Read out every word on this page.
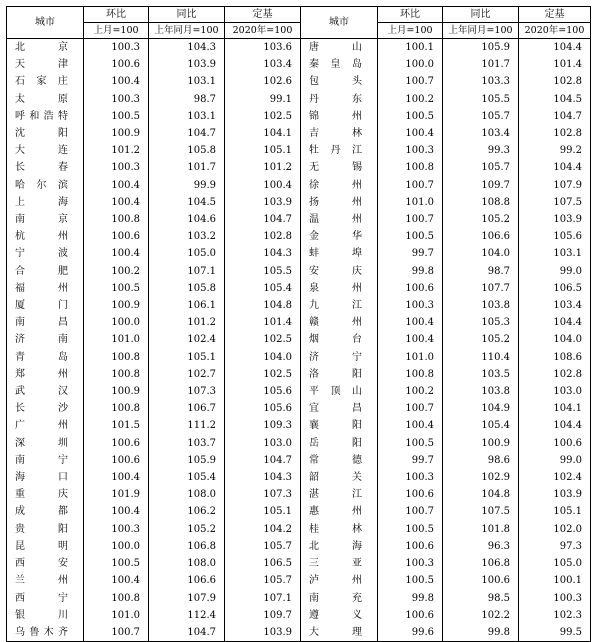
城市	环比	同比	定基	城市	环比	同比	定基
	上月=100	上年同月=100	2020年=100		上月=100	上年同月=100	2020年=100
北京	100.3	104.3	103.6	唐山	100.1	105.9	104.4
天津	100.6	103.9	103.4	秦皇岛	100.0	101.7	101.4
石家庄	100.4	103.1	102.6	包头	100.7	103.3	102.8
太原	100.3	98.7	99.1	丹东	100.2	105.5	104.5
呼和浩特	100.5	103.1	102.5	锦州	100.5	105.7	104.7
沈阳	100.9	104.7	104.1	吉林	100.4	103.4	102.8
大连	101.2	105.8	105.1	牡丹江	100.3	99.3	99.2
长春	100.3	101.7	101.2	无锡	100.8	105.7	104.4
哈尔滨	100.4	99.9	100.4	徐州	100.7	109.7	107.9
上海	100.4	104.5	103.9	扬州	101.0	108.8	107.5
南京	100.8	104.6	104.7	温州	100.7	105.2	103.9
杭州	100.6	103.2	102.8	金华	100.5	106.6	105.6
宁波	100.4	105.0	104.3	蚌埠	99.7	104.0	103.1
合肥	100.2	107.1	105.5	安庆	99.8	98.7	99.0
福州	100.5	105.8	105.4	泉州	100.6	107.7	106.5
厦门	100.9	106.1	104.8	九江	100.3	103.8	103.4
南昌	100.0	101.2	101.4	赣州	100.4	105.3	104.4
济南	101.0	102.4	102.5	烟台	100.4	105.2	104.0
青岛	100.8	105.1	104.0	济宁	101.0	110.4	108.6
郑州	100.8	102.7	102.5	洛阳	100.8	103.5	102.8
武汉	100.9	107.3	105.6	平顶山	100.2	103.8	103.0
长沙	100.8	106.7	105.6	宜昌	100.7	104.9	104.1
广州	101.5	111.2	109.3	襄阳	100.4	105.4	104.4
深圳	100.6	103.7	103.0	岳阳	100.5	100.9	100.6
南宁	100.6	105.9	104.7	常德	99.7	98.6	99.0
海口	100.4	105.4	104.3	韶关	100.3	102.9	102.4
重庆	101.9	108.0	107.3	湛江	100.6	104.8	103.9
成都	100.4	106.2	105.1	惠州	100.7	107.5	105.1
贵阳	100.3	105.2	104.2	桂林	100.5	101.8	102.0
昆明	100.0	106.8	105.7	北海	100.6	96.3	97.3
西安	100.5	108.0	106.5	三亚	100.3	106.8	105.0
兰州	100.4	106.6	105.7	泸州	100.5	100.6	100.1
西宁	100.8	107.9	107.1	南充	99.8	98.5	100.3
银川	101.0	112.4	109.7	遵义	100.6	102.2	102.3
乌鲁木齐	100.7	104.7	103.9	大理	99.6	99.8	99.5
